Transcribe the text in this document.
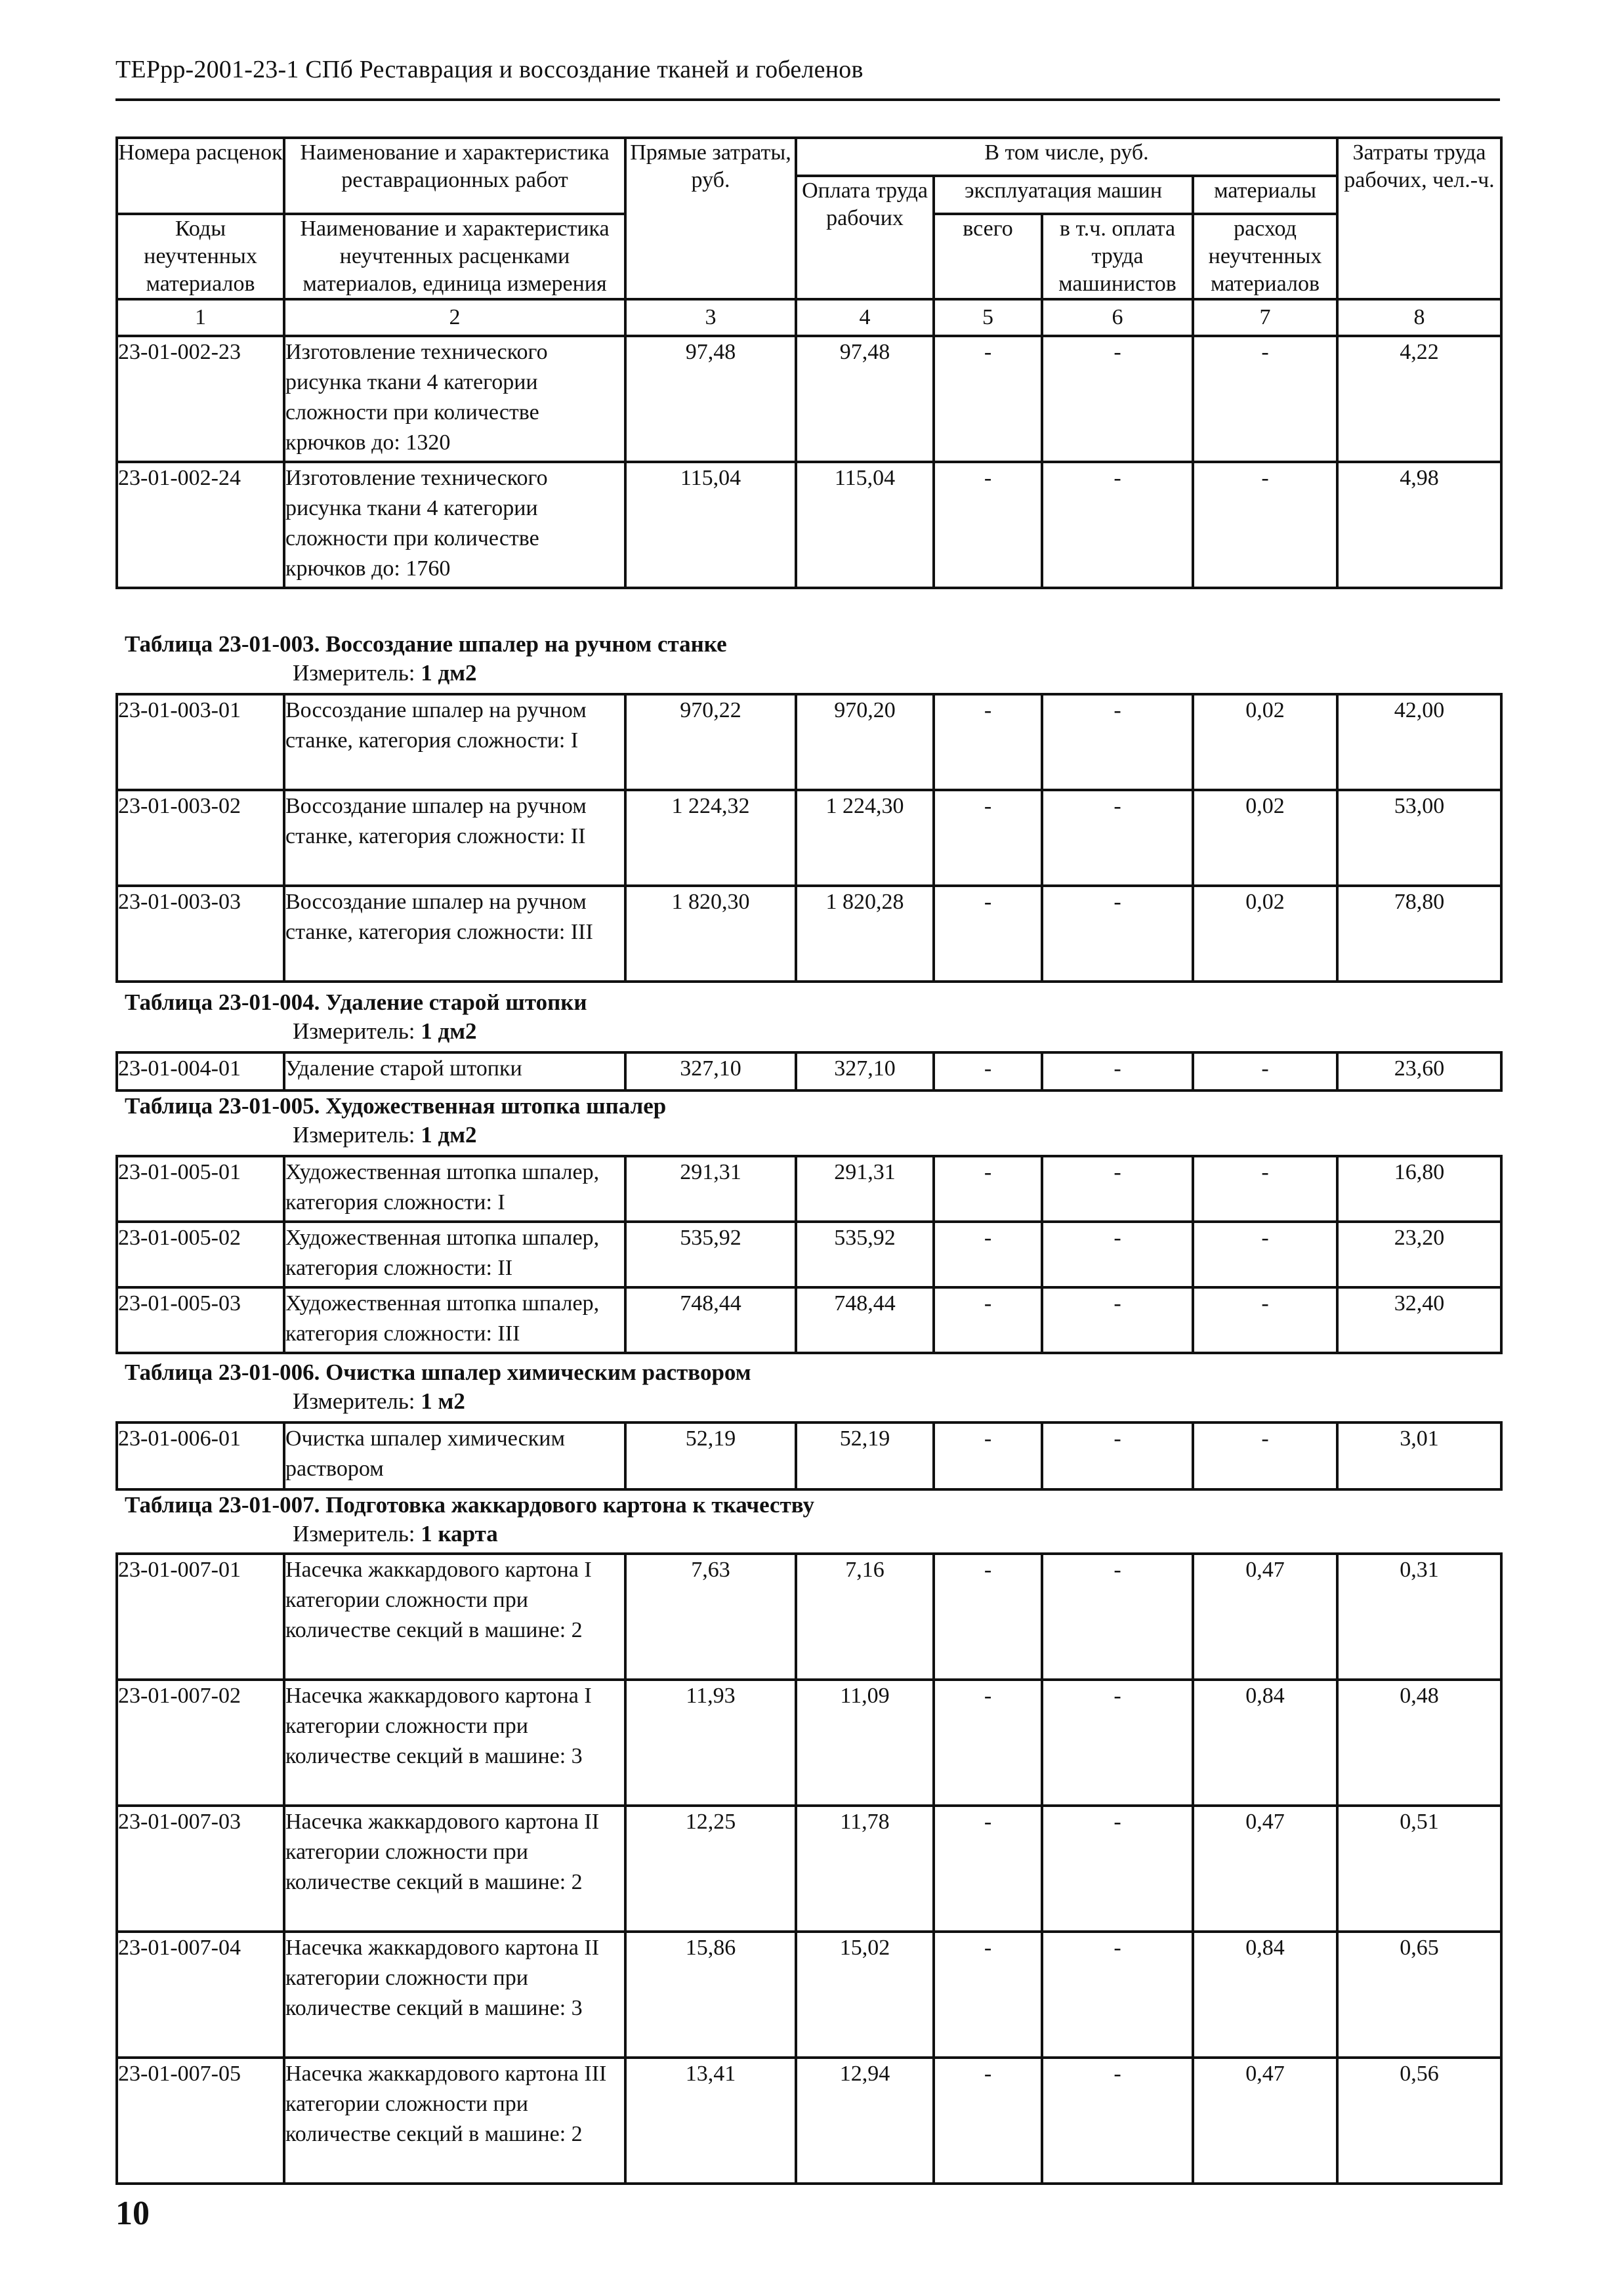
ТЕРрр-2001-23-1 СПб Реставрация и воссоздание тканей и гобеленов
Номера расценок	Наименование и характеристика реставрационных работ	Прямые затраты, руб.	В том числе, руб.				Затраты труда рабочих, чел.-ч.
			Оплата труда рабочих	эксплуатация машин		материалы	
Коды неучтенных материалов	Наименование и характеристика неучтенных расценками материалов, единица измерения			всего	в т.ч. оплата труда машинистов	расход неучтенных материалов	

1	2	3	4	5	6	7	8
23-01-002-23	Изготовление технического рисунка ткани 4 категории сложности при количестве крючков до: 1320	97,48	97,48	-	-	-	4,22
23-01-002-24	Изготовление технического рисунка ткани 4 категории сложности при количестве крючков до: 1760	115,04	115,04	-	-	-	4,98
Таблица 23-01-003. Воссоздание шпалер на ручном станке
Измеритель: 1 дм2
23-01-003-01	Воссоздание шпалер на ручном станке, категория сложности: I	970,22	970,20	-	-	0,02	42,00
23-01-003-02	Воссоздание шпалер на ручном станке, категория сложности: II	1 224,32	1 224,30	-	-	0,02	53,00
23-01-003-03	Воссоздание шпалер на ручном станке, категория сложности: III	1 820,30	1 820,28	-	-	0,02	78,80
Таблица 23-01-004. Удаление старой штопки
Измеритель: 1 дм2
23-01-004-01	Удаление старой штопки	327,10	327,10	-	-	-	23,60
Таблица 23-01-005. Художественная штопка шпалер
Измеритель: 1 дм2
23-01-005-01	Художественная штопка шпалер, категория сложности: I	291,31	291,31	-	-	-	16,80
23-01-005-02	Художественная штопка шпалер, категория сложности: II	535,92	535,92	-	-	-	23,20
23-01-005-03	Художественная штопка шпалер, категория сложности: III	748,44	748,44	-	-	-	32,40
Таблица 23-01-006. Очистка шпалер химическим раствором
Измеритель: 1 м2
23-01-006-01	Очистка шпалер химическим раствором	52,19	52,19	-	-	-	3,01
Таблица 23-01-007. Подготовка жаккардового картона к ткачеству
Измеритель: 1 карта
23-01-007-01	Насечка жаккардового картона I категории сложности при количестве секций в машине: 2	7,63	7,16	-	-	0,47	0,31
23-01-007-02	Насечка жаккардового картона I категории сложности при количестве секций в машине: 3	11,93	11,09	-	-	0,84	0,48
23-01-007-03	Насечка жаккардового картона II категории сложности при количестве секций в машине: 2	12,25	11,78	-	-	0,47	0,51
23-01-007-04	Насечка жаккардового картона II категории сложности при количестве секций в машине: 3	15,86	15,02	-	-	0,84	0,65
23-01-007-05	Насечка жаккардового картона III категории сложности при количестве секций в машине: 2	13,41	12,94	-	-	0,47	0,56
10
